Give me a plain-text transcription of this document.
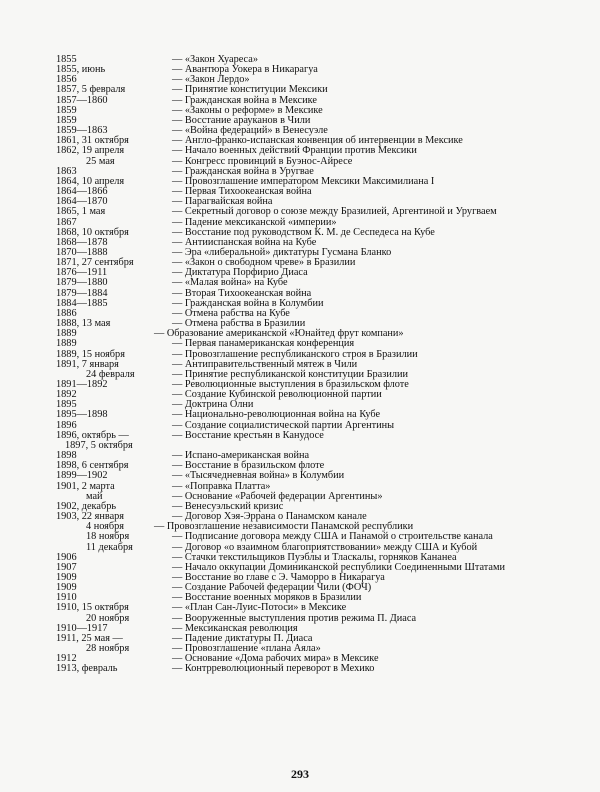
1855	— «Закон Хуареса»
1855, июнь	— Авантюра Уокера в Никарагуа
1856	— «Закон Лердо»
1857, 5 февраля	— Принятие конституции Мексики
1857—1860	— Гражданская война в Мексике
1859	— «Законы о реформе» в Мексике
1859	— Восстание арауканов в Чили
1859—1863	— «Война федераций» в Венесуэле
1861, 31 октября	— Англо-франко-испанская конвенция об интервенции в Мексике
1862, 19 апреля	— Начало военных действий Франции против Мексики
25 мая	— Конгресс провинций в Буэнос-Айресе
1863	— Гражданская война в Уругвае
1864, 10 апреля	— Провозглашение императором Мексики Максимилиана I
1864—1866	— Первая Тихоокеанская война
1864—1870	— Парагвайская война
1865, 1 мая	— Секретный договор о союзе между Бразилией, Аргентиной и Уругваем
1867	— Падение мексиканской «империи»
1868, 10 октября	— Восстание под руководством К. М. де Сеспедеса на Кубе
1868—1878	— Антииспанская война на Кубе
1870—1888	— Эра «либеральной» диктатуры Гусмана Бланко
1871, 27 сентября	— «Закон о свободном чреве» в Бразилии
1876—1911	— Диктатура Порфирио Диаса
1879—1880	— «Малая война» на Кубе
1879—1884	— Вторая Тихоокеанская война
1884—1885	— Гражданская война в Колумбии
1886	— Отмена рабства на Кубе
1888, 13 мая	— Отмена рабства в Бразилии
1889	— Образование американской «Юнайтед фрут компани»
1889	— Первая панамериканская конференция
1889, 15 ноября	— Провозглашение республиканского строя в Бразилии
1891, 7 января	— Антиправительственный мятеж в Чили
24 февраля	— Принятие республиканской конституции Бразилии
1891—1892	— Революционные выступления в бразильском флоте
1892	— Создание Кубинской революционной партии
1895	— Доктрина Олни
1895—1898	— Национально-революционная война на Кубе
1896	— Создание социалистической партии Аргентины
1896, октябрь —	— Восстание крестьян в Канудосе
1897, 5 октября
1898	— Испано-американская война
1898, 6 сентября	— Восстание в бразильском флоте
1899—1902	— «Тысячедневная война» в Колумбии
1901, 2 марта	— «Поправка Платта»
май	— Основание «Рабочей федерации Аргентины»
1902, декабрь	— Венесуэльский кризис
1903, 22 января	— Договор Хэя-Эррана о Панамском канале
4 ноября	— Провозглашение независимости Панамской республики
18 ноября	— Подписание договора между США и Панамой о строительстве канала
11 декабря	— Договор «о взаимном благоприятствовании» между США и Кубой
1906	— Стачки текстильщиков Пуэблы и Тласкалы, горняков Кананеа
1907	— Начало оккупации Доминиканской республики Соединенными Штатами
1909	— Восстание во главе с Э. Чаморро в Никарагуа
1909	— Создание Рабочей федерации Чили (ФОЧ)
1910	— Восстание военных моряков в Бразилии
1910, 15 октября	— «План Сан-Луис-Потоси» в Мексике
20 ноября	— Вооруженные выступления против режима П. Диаса
1910—1917	— Мексиканская революция
1911, 25 мая —	— Падение диктатуры П. Диаса
28 ноября	— Провозглашение «плана Аяла»
1912	— Основание «Дома рабочих мира» в Мексике
1913, февраль	— Контрреволюционный переворот в Мехико
293
